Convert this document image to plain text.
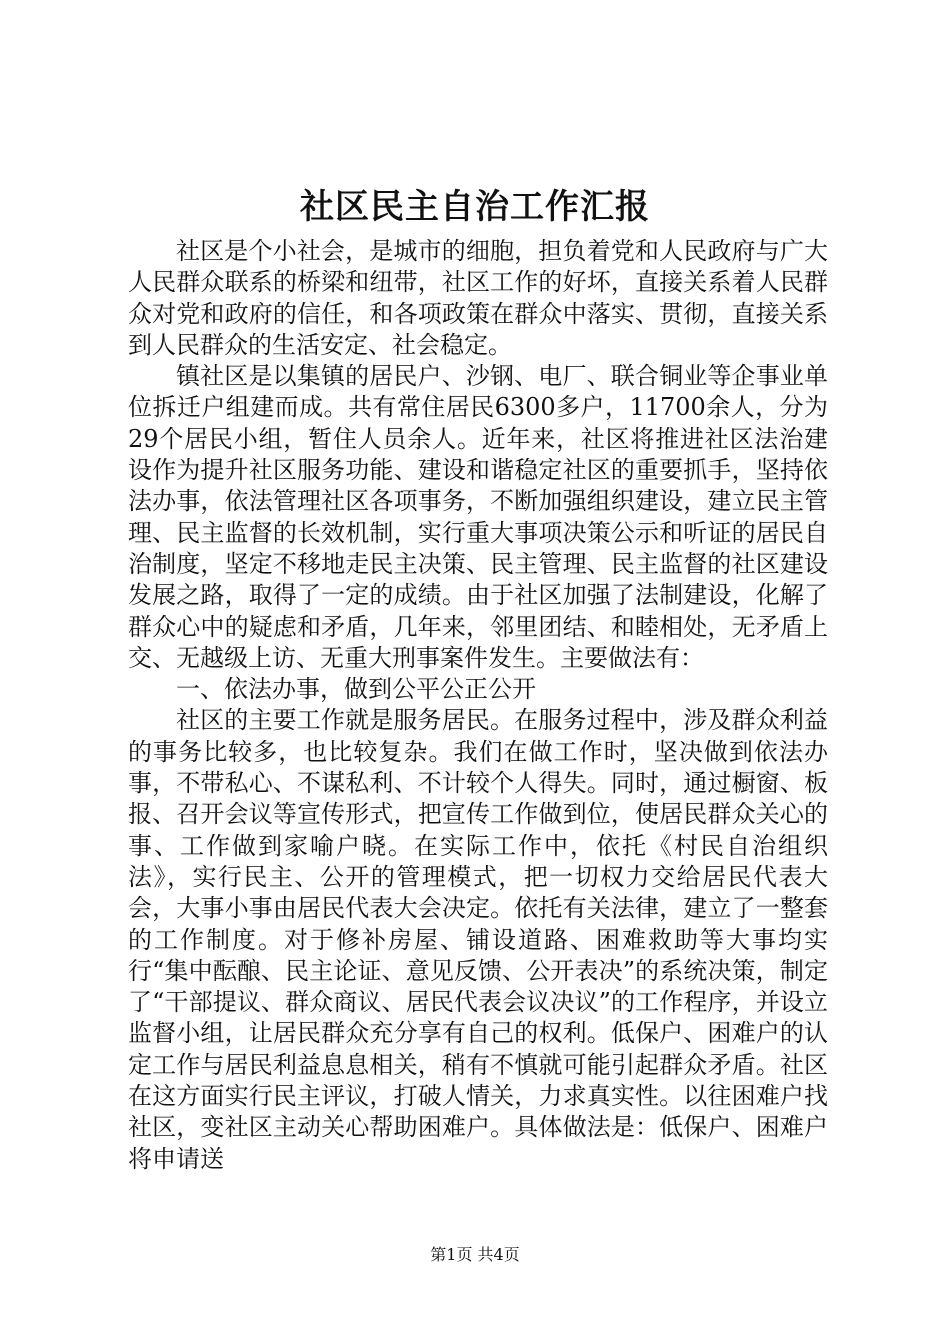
社区民主自治工作汇报

社区是个小社会，是城市的细胞，担负着党和人民政府与广大人民群众联系的桥梁和纽带，社区工作的好坏，直接关系着人民群众对党和政府的信任，和各项政策在群众中落实、贯彻，直接关系到人民群众的生活安定、社会稳定。

镇社区是以集镇的居民户、沙钢、电厂、联合铜业等企事业单位拆迁户组建而成。共有常住居民6300多户，11700余人，分为29个居民小组，暂住人员余人。近年来，社区将推进社区法治建设作为提升社区服务功能、建设和谐稳定社区的重要抓手，坚持依法办事，依法管理社区各项事务，不断加强组织建设，建立民主管理、民主监督的长效机制，实行重大事项决策公示和听证的居民自治制度，坚定不移地走民主决策、民主管理、民主监督的社区建设发展之路，取得了一定的成绩。由于社区加强了法制建设，化解了群众心中的疑虑和矛盾，几年来，邻里团结、和睦相处，无矛盾上交、无越级上访、无重大刑事案件发生。主要做法有：

一、依法办事，做到公平公正公开

社区的主要工作就是服务居民。在服务过程中，涉及群众利益的事务比较多，也比较复杂。我们在做工作时，坚决做到依法办事，不带私心、不谋私利、不计较个人得失。同时，通过橱窗、板报、召开会议等宣传形式，把宣传工作做到位，使居民群众关心的事、工作做到家喻户晓。在实际工作中，依托《村民自治组织法》，实行民主、公开的管理模式，把一切权力交给居民代表大会，大事小事由居民代表大会决定。依托有关法律，建立了一整套的工作制度。对于修补房屋、铺设道路、困难救助等大事均实行“集中酝酿、民主论证、意见反馈、公开表决”的系统决策，制定了“干部提议、群众商议、居民代表会议决议”的工作程序，并设立监督小组，让居民群众充分享有自己的权利。低保户、困难户的认定工作与居民利益息息相关，稍有不慎就可能引起群众矛盾。社区在这方面实行民主评议，打破人情关，力求真实性。以往困难户找社区，变社区主动关心帮助困难户。具体做法是：低保户、困难户将申请送

第1页 共4页
